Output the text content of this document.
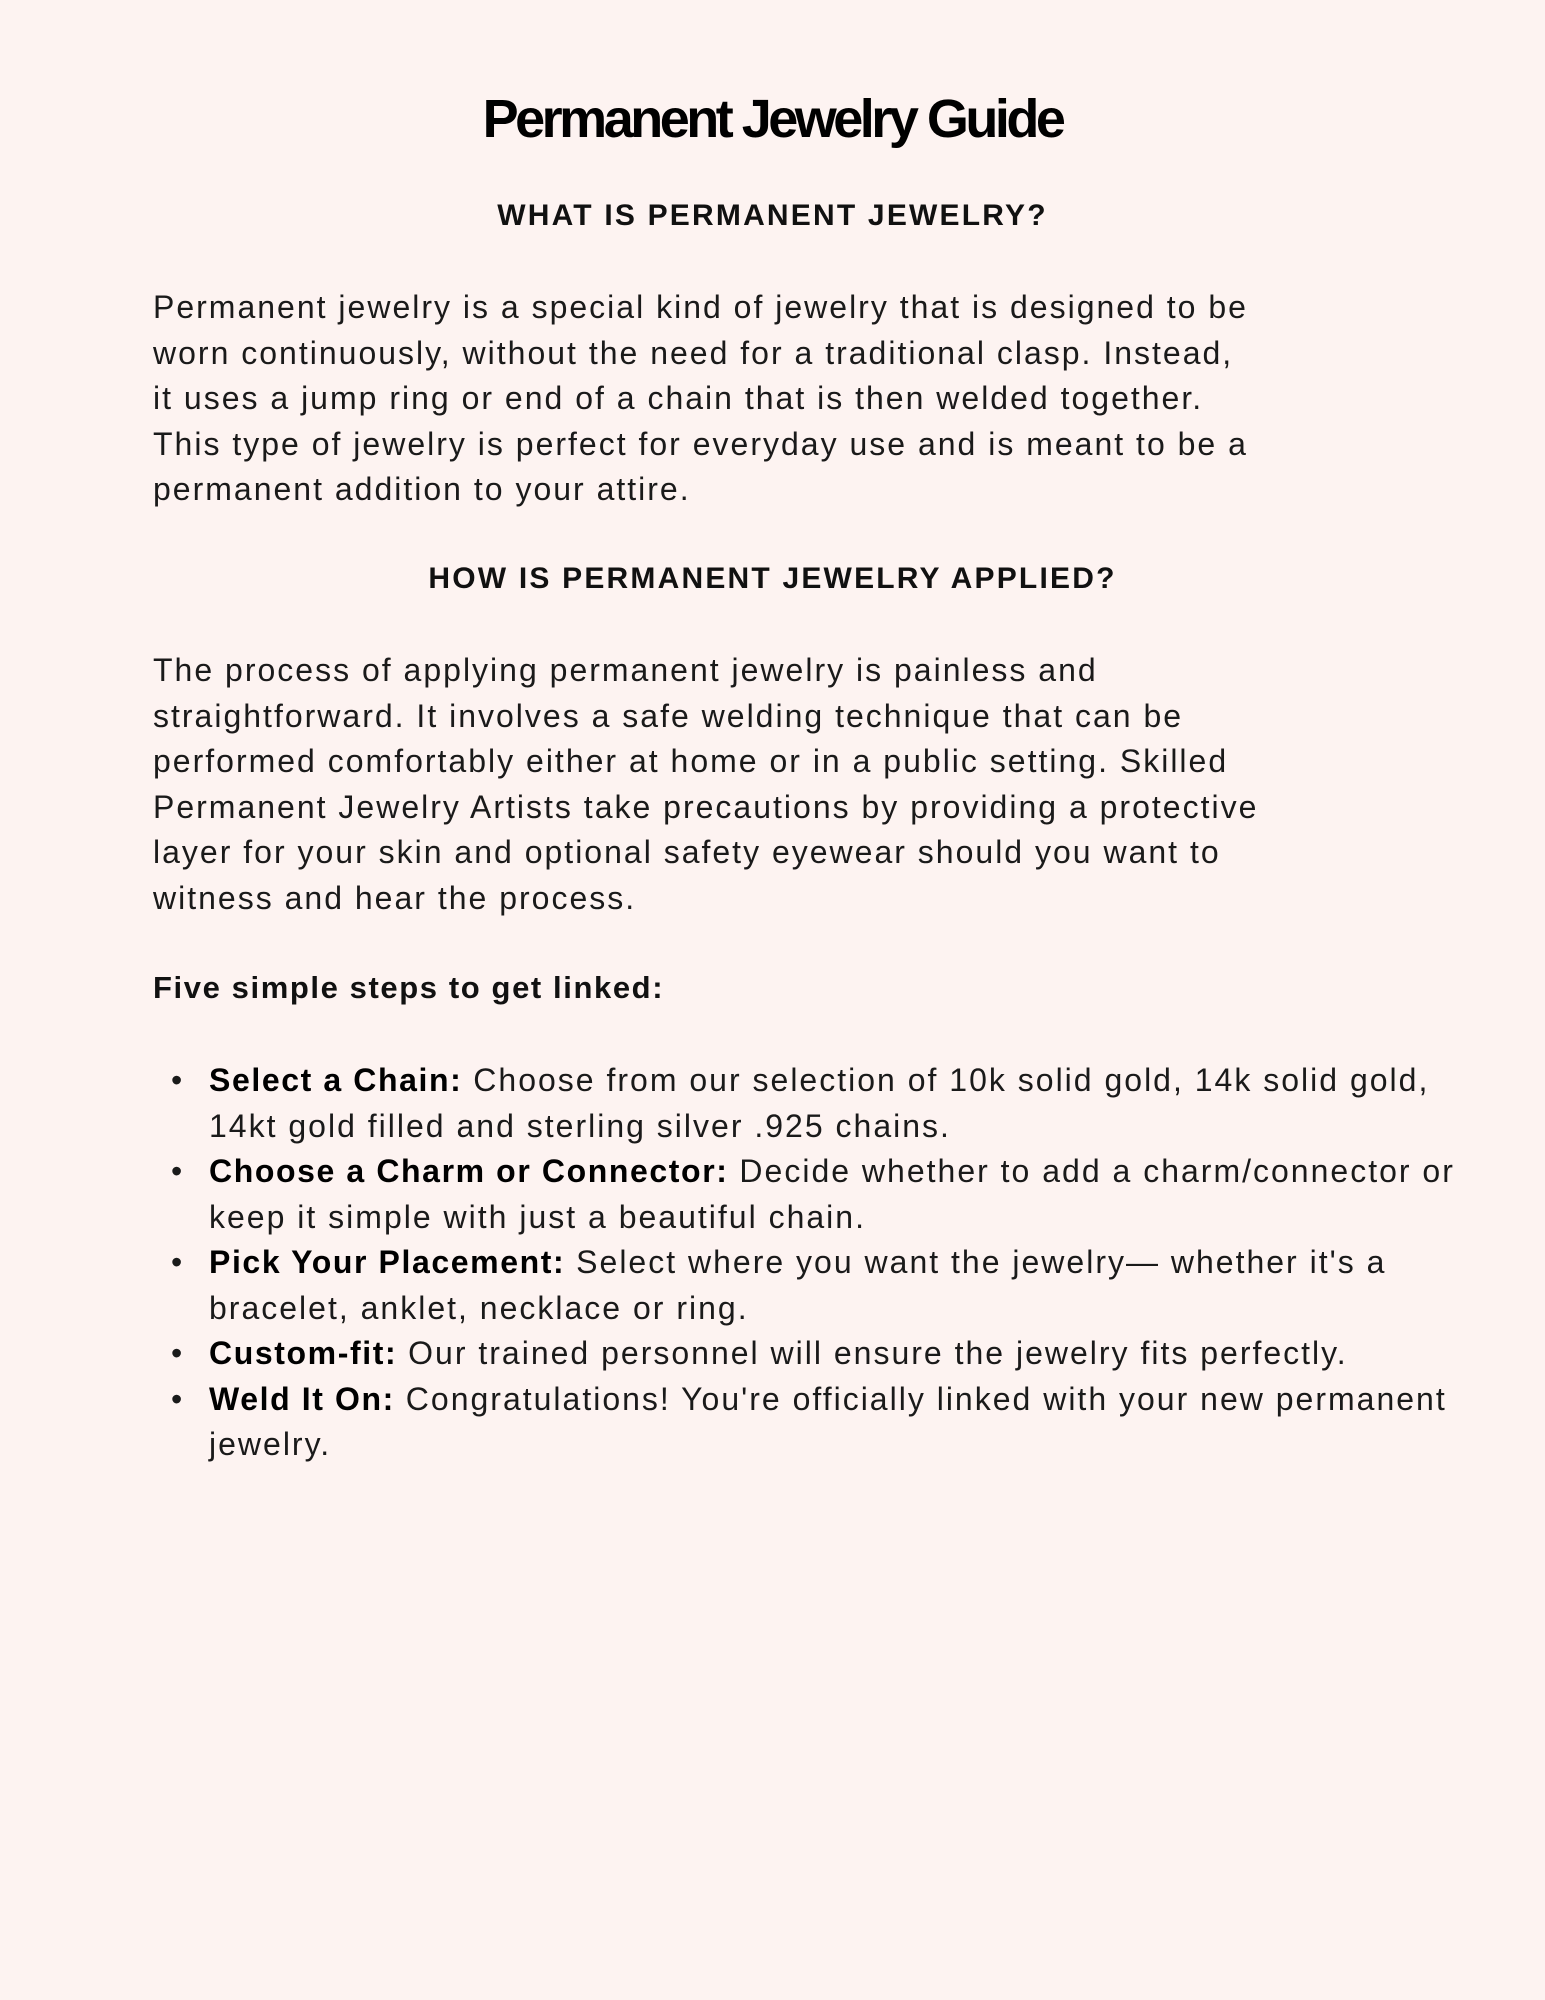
Permanent Jewelry Guide
WHAT IS PERMANENT JEWELRY?
Permanent jewelry is a special kind of jewelry that is designed to be
worn continuously, without the need for a traditional clasp. Instead,
it uses a jump ring or end of a chain that is then welded together.
This type of jewelry is perfect for everyday use and is meant to be a
permanent addition to your attire.
HOW IS PERMANENT JEWELRY APPLIED?
The process of applying permanent jewelry is painless and
straightforward. It involves a safe welding technique that can be
performed comfortably either at home or in a public setting. Skilled
Permanent Jewelry Artists take precautions by providing a protective
layer for your skin and optional safety eyewear should you want to
witness and hear the process.
Five simple steps to get linked:
• Select a Chain: Choose from our selection of 10k solid gold, 14k solid gold, 14kt gold filled and sterling silver .925 chains.
• Choose a Charm or Connector: Decide whether to add a charm/connector or keep it simple with just a beautiful chain.
• Pick Your Placement: Select where you want the jewelry— whether it's a bracelet, anklet, necklace or ring.
• Custom-fit: Our trained personnel will ensure the jewelry fits perfectly.
• Weld It On: Congratulations! You're officially linked with your new permanent jewelry.
